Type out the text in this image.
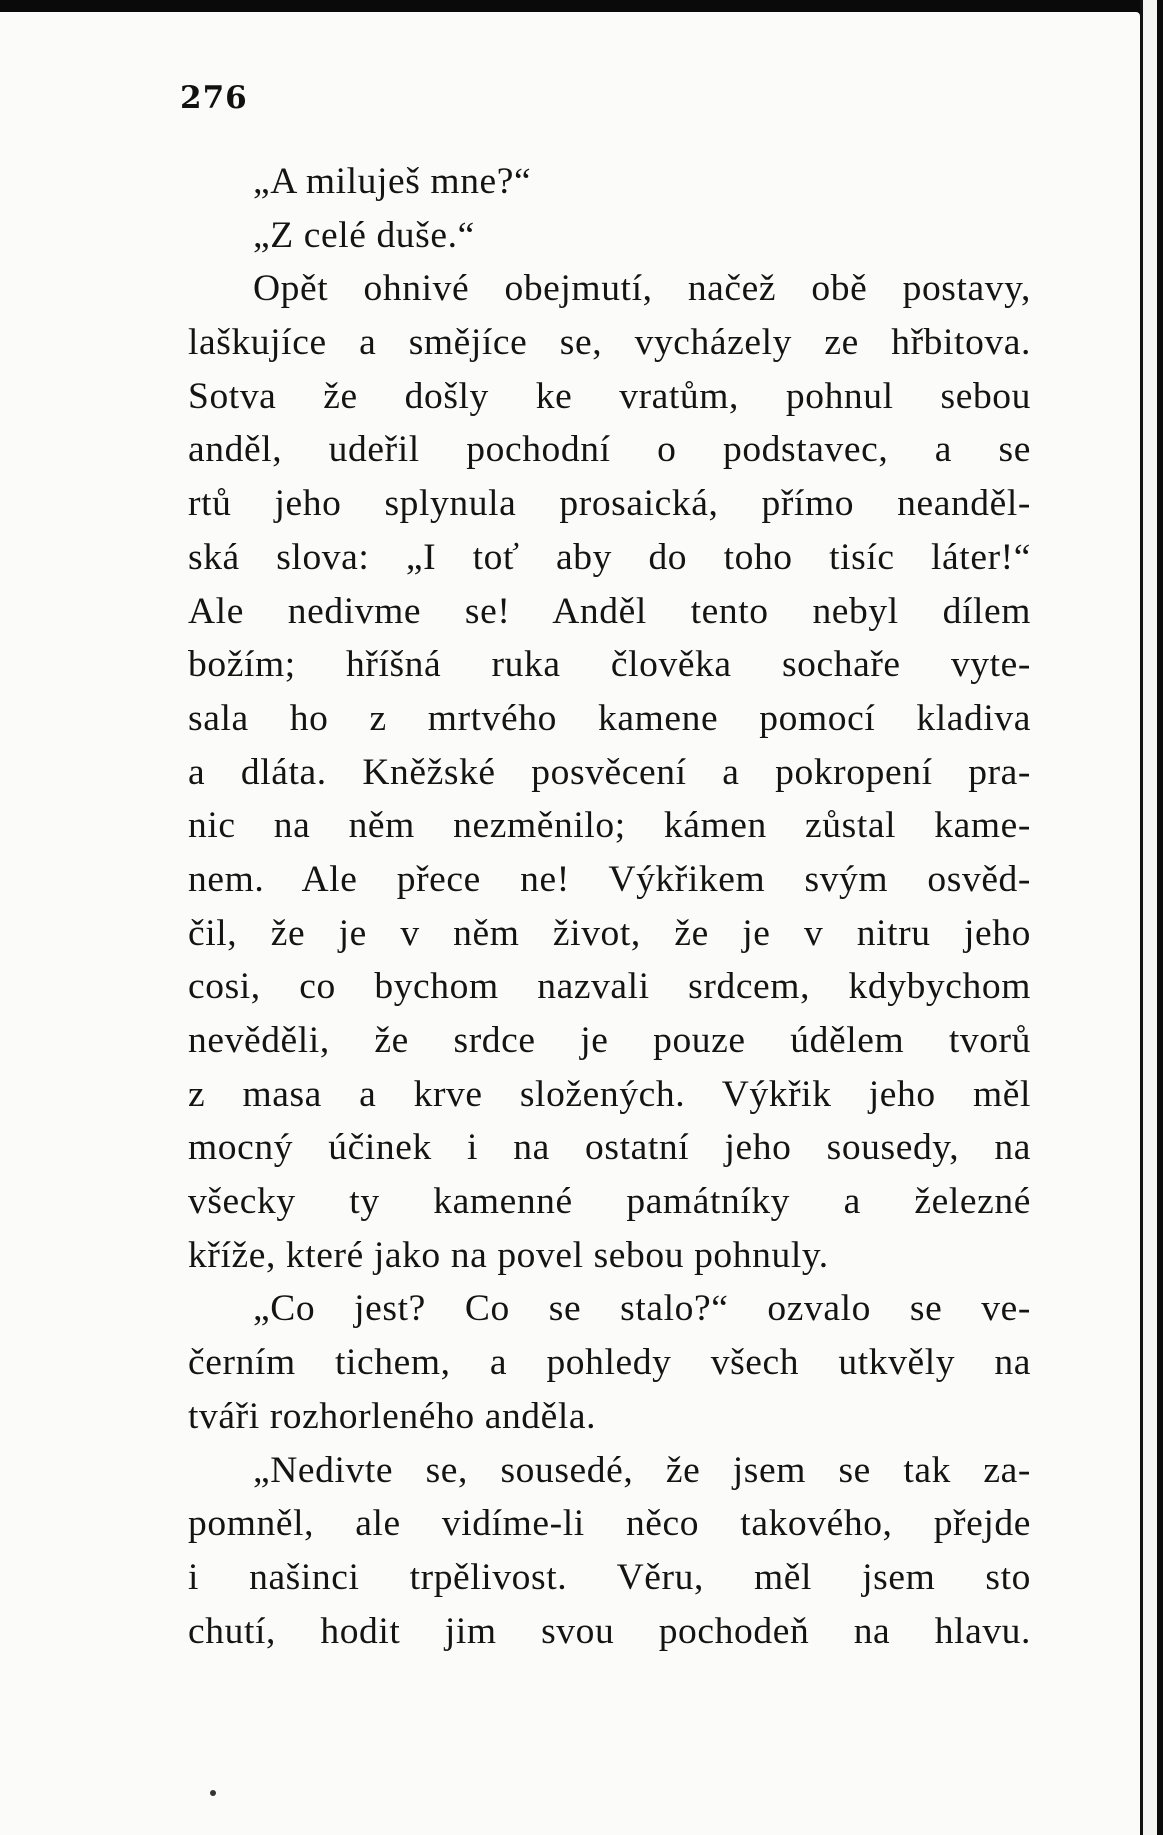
276
„A miluješ mne?“
„Z celé duše.“
Opět ohnivé obejmutí, načež obě postavy,
laškujíce a smějíce se, vycházely ze hřbitova.
Sotva že došly ke vratům, pohnul sebou
anděl, udeřil pochodní o podstavec, a se
rtů jeho splynula prosaická, přímo neanděl-
ská slova: „I toť aby do toho tisíc láter!“
Ale nedivme se! Anděl tento nebyl dílem
božím; hříšná ruka člověka sochaře vyte-
sala ho z mrtvého kamene pomocí kladiva
a dláta. Kněžské posvěcení a pokropení pra-
nic na něm nezměnilo; kámen zůstal kame-
nem. Ale přece ne! Výkřikem svým osvěd-
čil, že je v něm život, že je v nitru jeho
cosi, co bychom nazvali srdcem, kdybychom
nevěděli, že srdce je pouze údělem tvorů
z masa a krve složených. Výkřik jeho měl
mocný účinek i na ostatní jeho sousedy, na
všecky ty kamenné památníky a železné
kříže, které jako na povel sebou pohnuly.
„Co jest? Co se stalo?“ ozvalo se ve-
černím tichem, a pohledy všech utkvěly na
tváři rozhorleného anděla.
„Nedivte se, sousedé, že jsem se tak za-
pomněl, ale vidíme-li něco takového, přejde
i našinci trpělivost. Věru, měl jsem sto
chutí, hodit jim svou pochodeň na hlavu.
